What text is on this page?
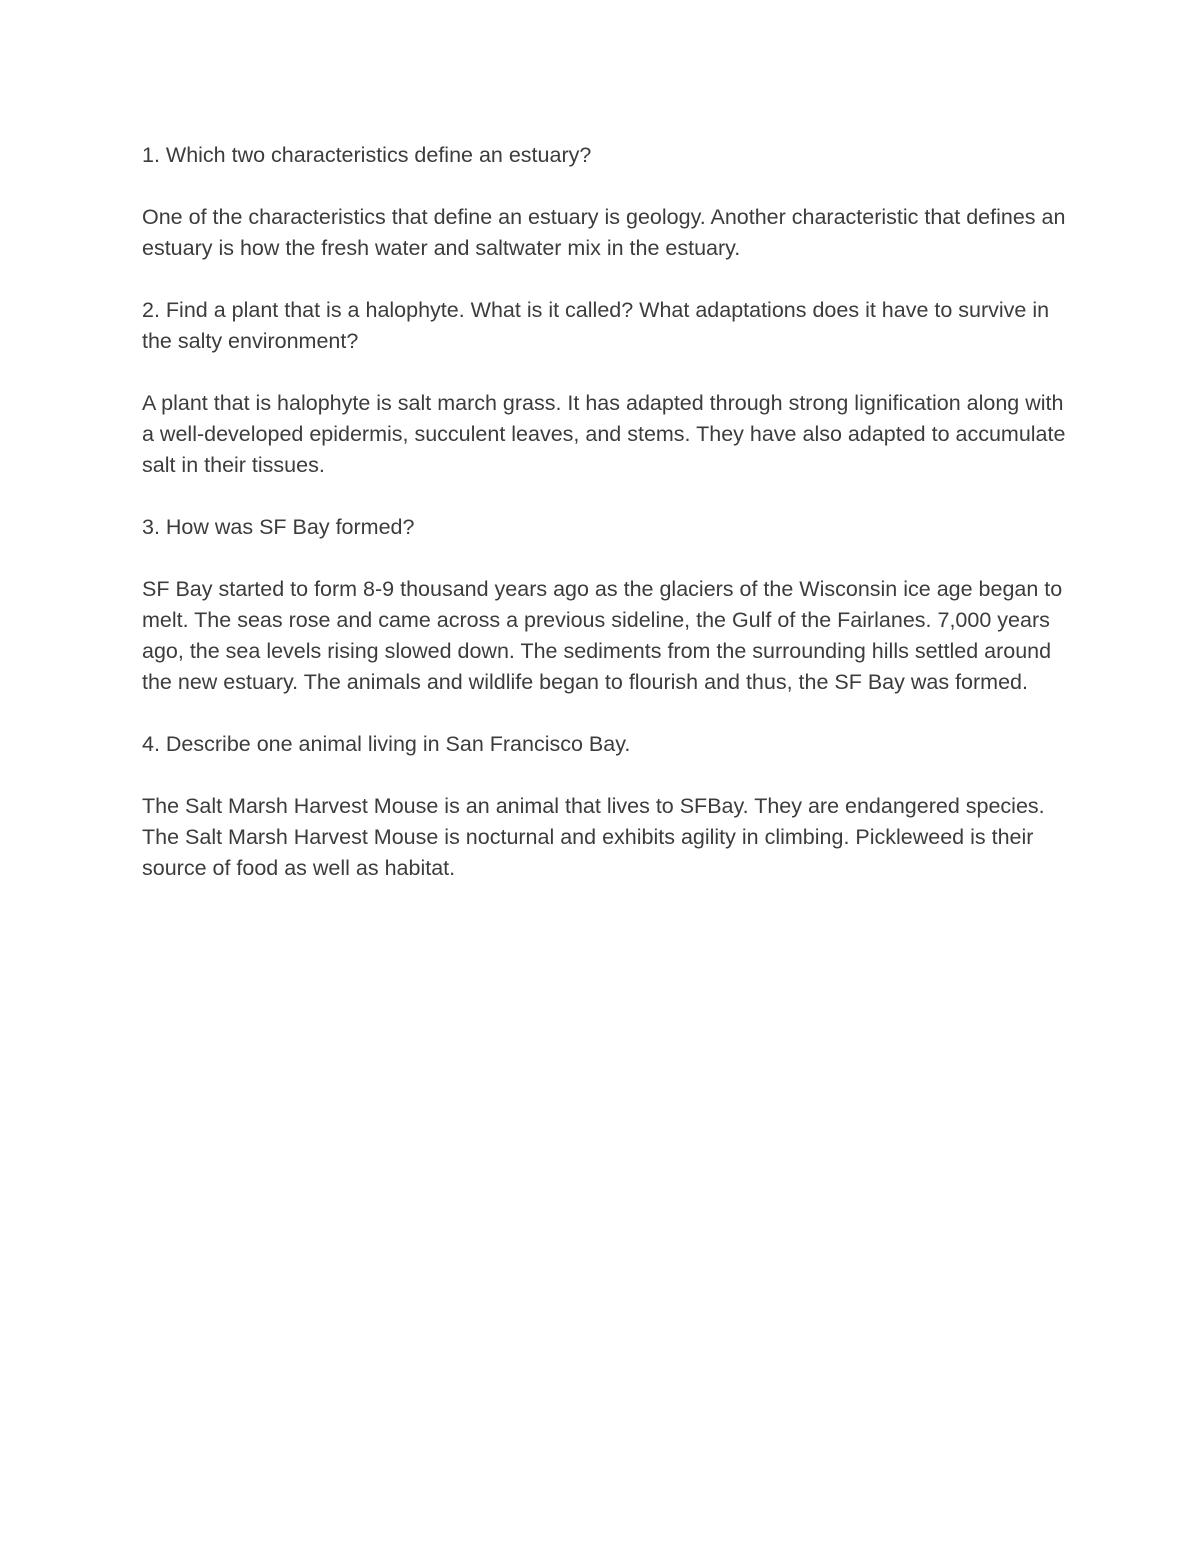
1. Which two characteristics define an estuary?

One of the characteristics that define an estuary is geology. Another characteristic that defines an estuary is how the fresh water and saltwater mix in the estuary.

2. Find a plant that is a halophyte. What is it called? What adaptations does it have to survive in the salty environment?

A plant that is halophyte is salt march grass. It has adapted through strong lignification along with a well-developed epidermis, succulent leaves, and stems. They have also adapted to accumulate salt in their tissues.

3. How was SF Bay formed?

SF Bay started to form 8-9 thousand years ago as the glaciers of the Wisconsin ice age began to melt. The seas rose and came across a previous sideline, the Gulf of the Fairlanes. 7,000 years ago, the sea levels rising slowed down. The sediments from the surrounding hills settled around the new estuary. The animals and wildlife began to flourish and thus, the SF Bay was formed.

4. Describe one animal living in San Francisco Bay.

The Salt Marsh Harvest Mouse is an animal that lives to SFBay. They are endangered species. The Salt Marsh Harvest Mouse is nocturnal and exhibits agility in climbing. Pickleweed is their source of food as well as habitat.
